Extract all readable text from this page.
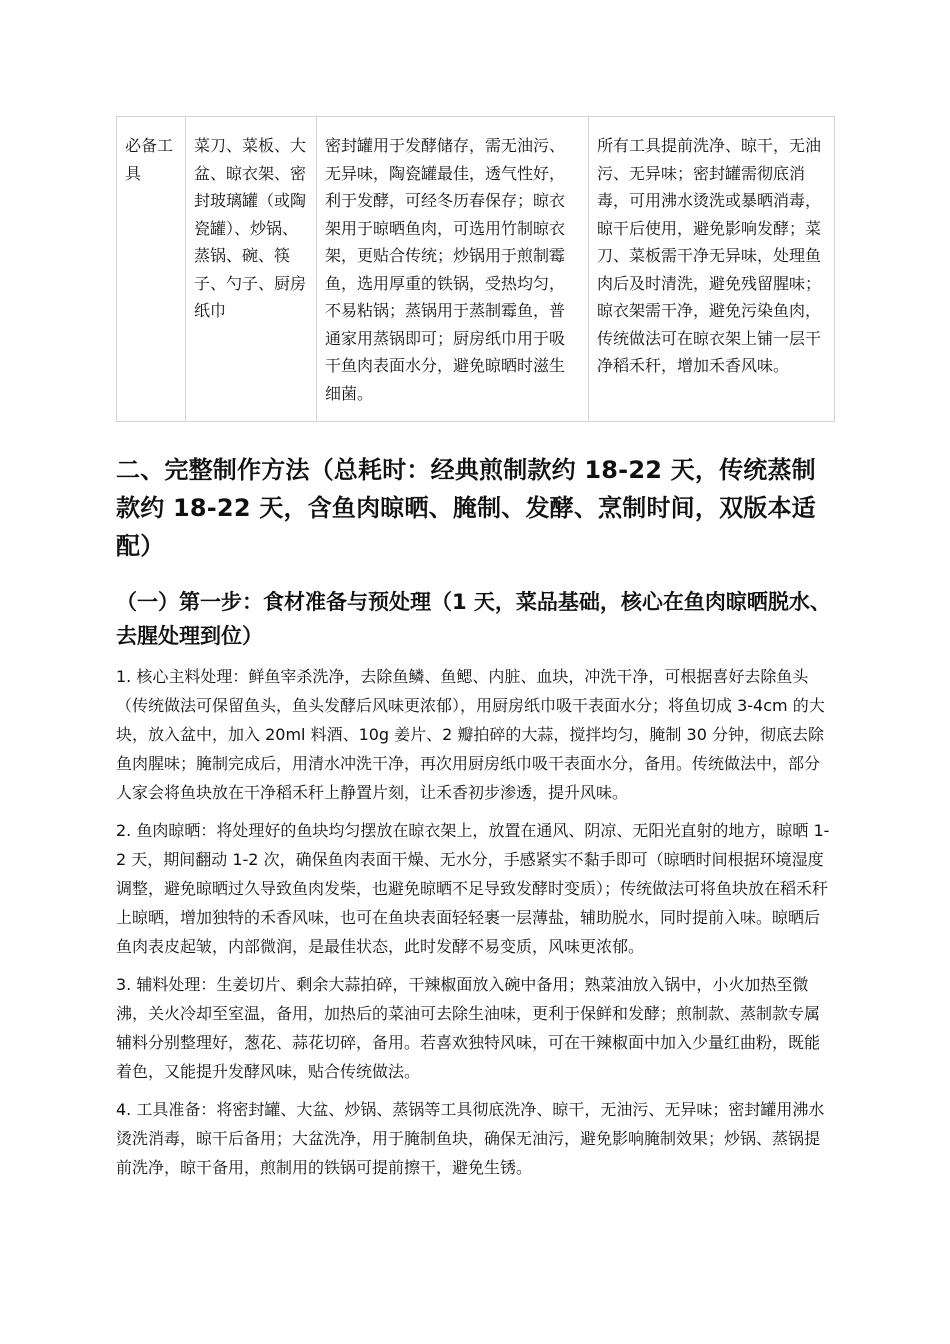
必备工具	菜刀、菜板、大盆、晾衣架、密封玻璃罐（或陶瓷罐）、炒锅、蒸锅、碗、筷子、勺子、厨房纸巾	密封罐用于发酵储存，需无油污、无异味，陶瓷罐最佳，透气性好，利于发酵，可经冬历春保存；晾衣架用于晾晒鱼肉，可选用竹制晾衣架，更贴合传统；炒锅用于煎制霉鱼，选用厚重的铁锅，受热均匀，不易粘锅；蒸锅用于蒸制霉鱼，普通家用蒸锅即可；厨房纸巾用于吸干鱼肉表面水分，避免晾晒时滋生细菌。	所有工具提前洗净、晾干，无油污、无异味；密封罐需彻底消毒，可用沸水烫洗或暴晒消毒，晾干后使用，避免影响发酵；菜刀、菜板需干净无异味，处理鱼肉后及时清洗，避免残留腥味；晾衣架需干净，避免污染鱼肉，传统做法可在晾衣架上铺一层干净稻禾秆，增加禾香风味。
二、完整制作方法（总耗时：经典煎制款约 18-22 天，传统蒸制款约 18-22 天，含鱼肉晾晒、腌制、发酵、烹制时间，双版本适配）
（一）第一步：食材准备与预处理（1 天，菜品基础，核心在鱼肉晾晒脱水、去腥处理到位）

1. 核心主料处理：鲜鱼宰杀洗净，去除鱼鳞、鱼鳃、内脏、血块，冲洗干净，可根据喜好去除鱼头（传统做法可保留鱼头，鱼头发酵后风味更浓郁），用厨房纸巾吸干表面水分；将鱼切成 3-4cm 的大块，放入盆中，加入 20ml 料酒、10g 姜片、2 瓣拍碎的大蒜，搅拌均匀，腌制 30 分钟，彻底去除鱼肉腥味；腌制完成后，用清水冲洗干净，再次用厨房纸巾吸干表面水分，备用。传统做法中，部分人家会将鱼块放在干净稻禾秆上静置片刻，让禾香初步渗透，提升风味。

2. 鱼肉晾晒：将处理好的鱼块均匀摆放在晾衣架上，放置在通风、阴凉、无阳光直射的地方，晾晒 1-2 天，期间翻动 1-2 次，确保鱼肉表面干燥、无水分，手感紧实不黏手即可（晾晒时间根据环境湿度调整，避免晾晒过久导致鱼肉发柴，也避免晾晒不足导致发酵时变质）；传统做法可将鱼块放在稻禾秆上晾晒，增加独特的禾香风味，也可在鱼块表面轻轻裹一层薄盐，辅助脱水，同时提前入味。晾晒后鱼肉表皮起皱，内部微润，是最佳状态，此时发酵不易变质，风味更浓郁。

3. 辅料处理：生姜切片、剩余大蒜拍碎，干辣椒面放入碗中备用；熟菜油放入锅中，小火加热至微沸，关火冷却至室温，备用，加热后的菜油可去除生油味，更利于保鲜和发酵；煎制款、蒸制款专属辅料分别整理好，葱花、蒜花切碎，备用。若喜欢独特风味，可在干辣椒面中加入少量红曲粉，既能着色，又能提升发酵风味，贴合传统做法。

4. 工具准备：将密封罐、大盆、炒锅、蒸锅等工具彻底洗净、晾干，无油污、无异味；密封罐用沸水烫洗消毒，晾干后备用；大盆洗净，用于腌制鱼块，确保无油污，避免影响腌制效果；炒锅、蒸锅提前洗净，晾干备用，煎制用的铁锅可提前擦干，避免生锈。
